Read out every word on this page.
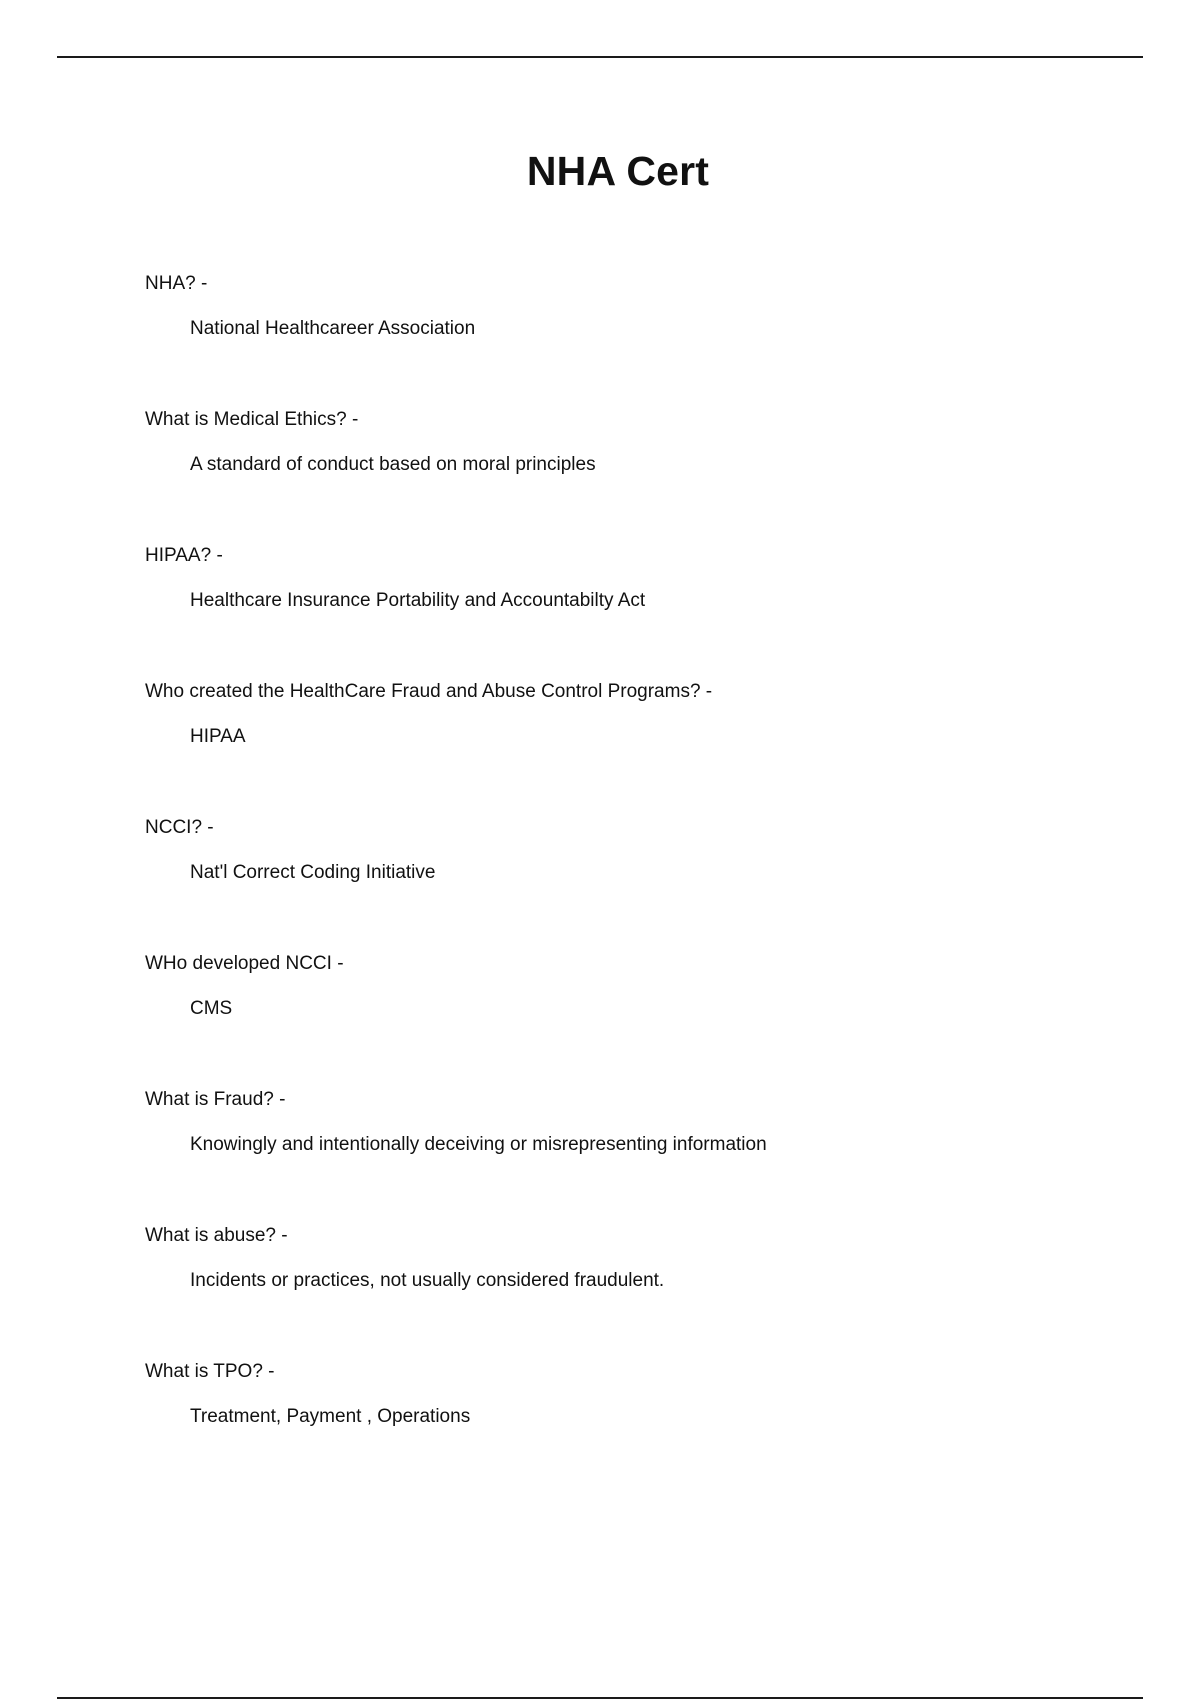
NHA Cert
NHA? -
National Healthcareer Association
What is Medical Ethics? -
A standard of conduct based on moral principles
HIPAA? -
Healthcare Insurance Portability and Accountabilty Act
Who created the HealthCare Fraud and Abuse Control Programs? -
HIPAA
NCCI? -
Nat'l Correct Coding Initiative
WHo developed NCCI -
CMS
What is Fraud? -
Knowingly and intentionally deceiving or misrepresenting information
What is abuse? -
Incidents or practices, not usually considered fraudulent.
What is TPO? -
Treatment, Payment , Operations
